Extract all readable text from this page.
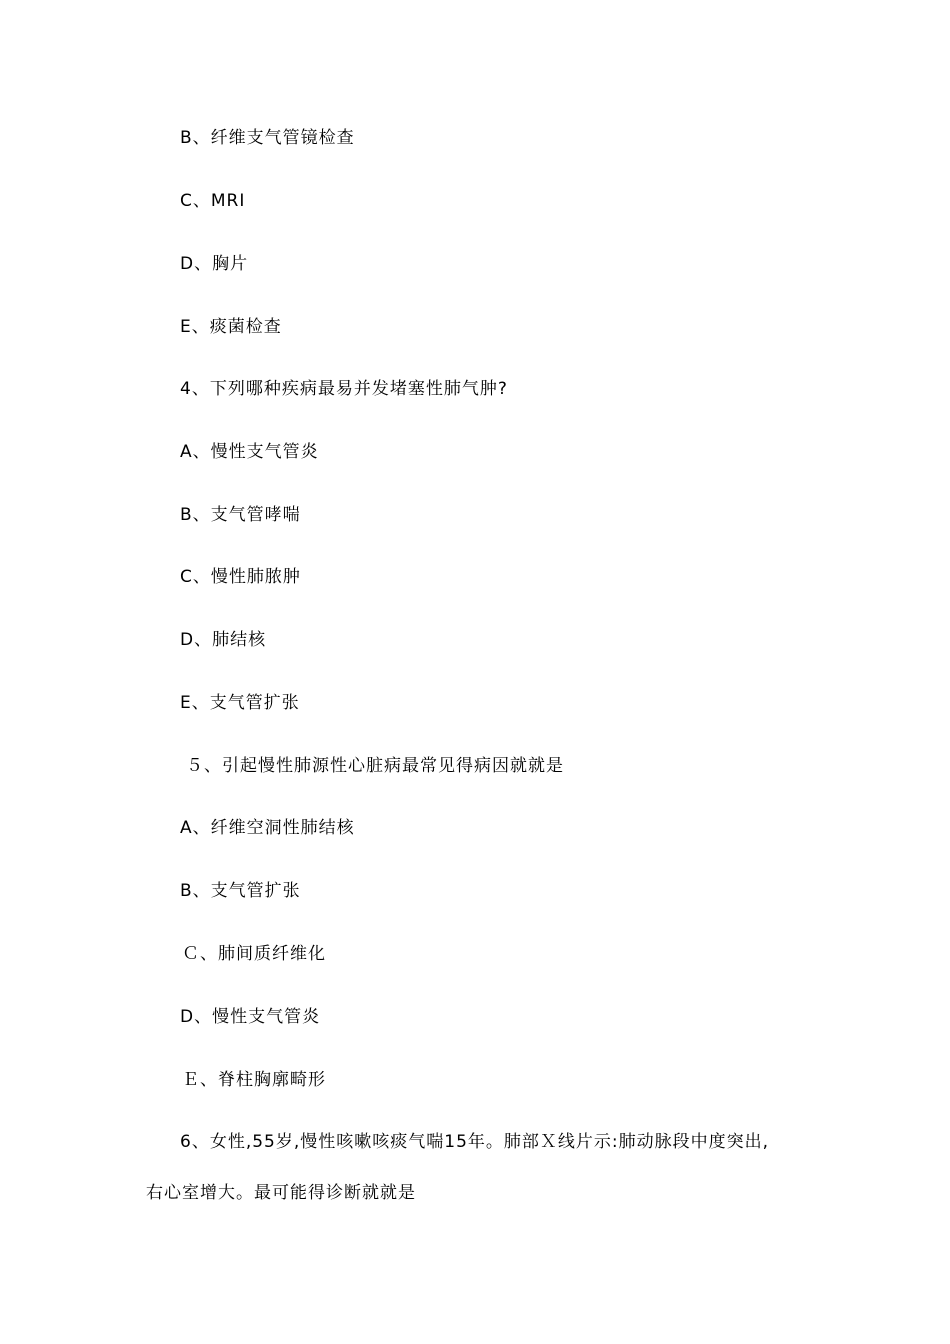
B、纤维支气管镜检查
C、MRI
D、胸片
E、痰菌检查
4、下列哪种疾病最易并发堵塞性肺气肿?
A、慢性支气管炎
B、支气管哮喘
C、慢性肺脓肿
D、肺结核
E、支气管扩张
５、引起慢性肺源性心脏病最常见得病因就就是
A、纤维空洞性肺结核
B、支气管扩张
Ｃ、肺间质纤维化
D、慢性支气管炎
Ｅ、脊柱胸廓畸形
6、女性,55岁,慢性咳嗽咳痰气喘15年。肺部Ｘ线片示:肺动脉段中度突出,
右心室增大。最可能得诊断就就是
